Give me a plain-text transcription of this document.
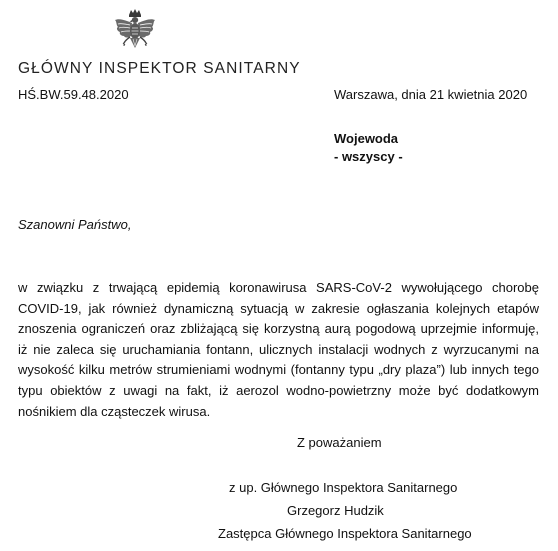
GŁÓWNY INSPEKTOR SANITARNY
HŚ.BW.59.48.2020	Warszawa, dnia 21 kwietnia 2020
Wojewoda
- wszyscy -
Szanowni Państwo,

w związku z trwającą epidemią koronawirusa SARS-CoV-2 wywołującego chorobę COVID-19, jak również dynamiczną sytuacją w zakresie ogłaszania kolejnych etapów znoszenia ograniczeń oraz zbliżającą się korzystną aurą pogodową uprzejmie informuję, iż nie zaleca się uruchamiania fontann, ulicznych instalacji wodnych z wyrzucanymi na wysokość kilku metrów strumieniami wodnymi (fontanny typu „dry plaza”) lub innych tego typu obiektów z uwagi na fakt, iż aerozol wodno-powietrzny może być dodatkowym nośnikiem dla cząsteczek wirusa.

Z poważaniem
z up. Głównego Inspektora Sanitarnego
Grzegorz Hudzik
Zastępca Głównego Inspektora Sanitarnego
